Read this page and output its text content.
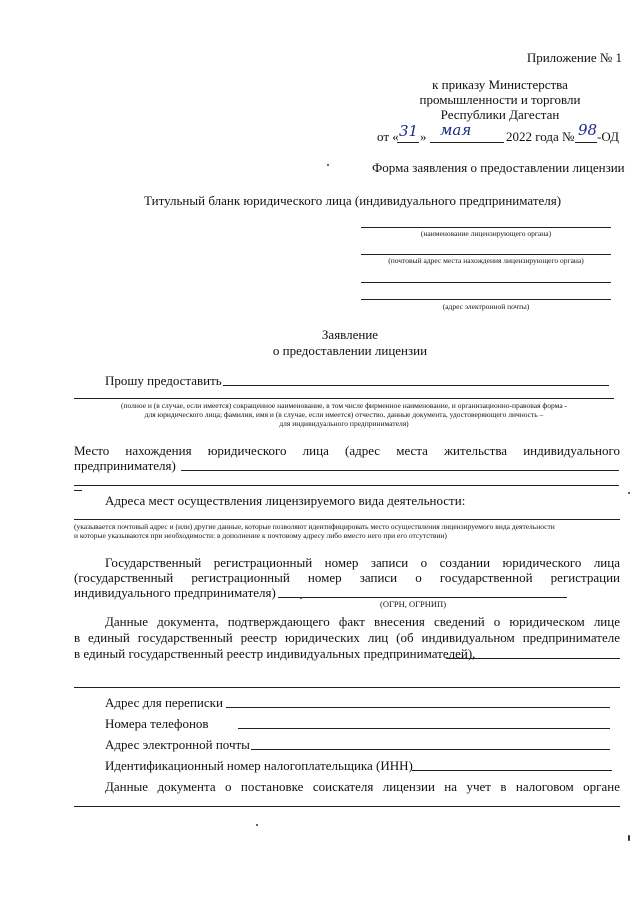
Приложение № 1
к приказу Министерства
промышленности и торговли
Республики Дагестан
от « 31 » мая	2022 года № 98 -ОД
Форма заявления о предоставлении лицензии
Титульный бланк юридического лица (индивидуального предпринимателя)
(наименование лицензирующего органа)
(почтовый адрес места нахождения лицензирующего органа)
(адрес электронной почты)
Заявление
о предоставлении лицензии
Прошу предоставить
(полное и (в случае, если имеется) сокращенное наименование, в том числе фирменное наименование, и организационно-правовая форма -
для юридического лица; фамилия, имя и (в случае, если имеется) отчество, данные документа, удостоверяющего личность –
для индивидуального предпринимателя)
Место нахождения юридического лица (адрес места жительства индивидуального
предпринимателя)
Адреса мест осуществления лицензируемого вида деятельности:
(указывается почтовый адрес и (или) другие данные, которые позволяют идентифицировать место осуществления лицензируемого вида деятельности
и которые указываются при необходимости: в дополнение к почтовому адресу либо вместо него при его отсутствии)
Государственный регистрационный номер записи о создании юридического лица
(государственный регистрационный номер записи о государственной регистрации
индивидуального предпринимателя)
(ОГРН, ОГРНИП)
Данные документа, подтверждающего факт внесения сведений о юридическом лице
в единый государственный реестр юридических лиц (об индивидуальном предпринимателе
в единый государственный реестр индивидуальных предпринимателей),
Адрес для переписки
Номера телефонов
Адрес электронной почты
Идентификационный номер налогоплательщика (ИНН)
Данные документа о постановке соискателя лицензии на учет в налоговом органе
